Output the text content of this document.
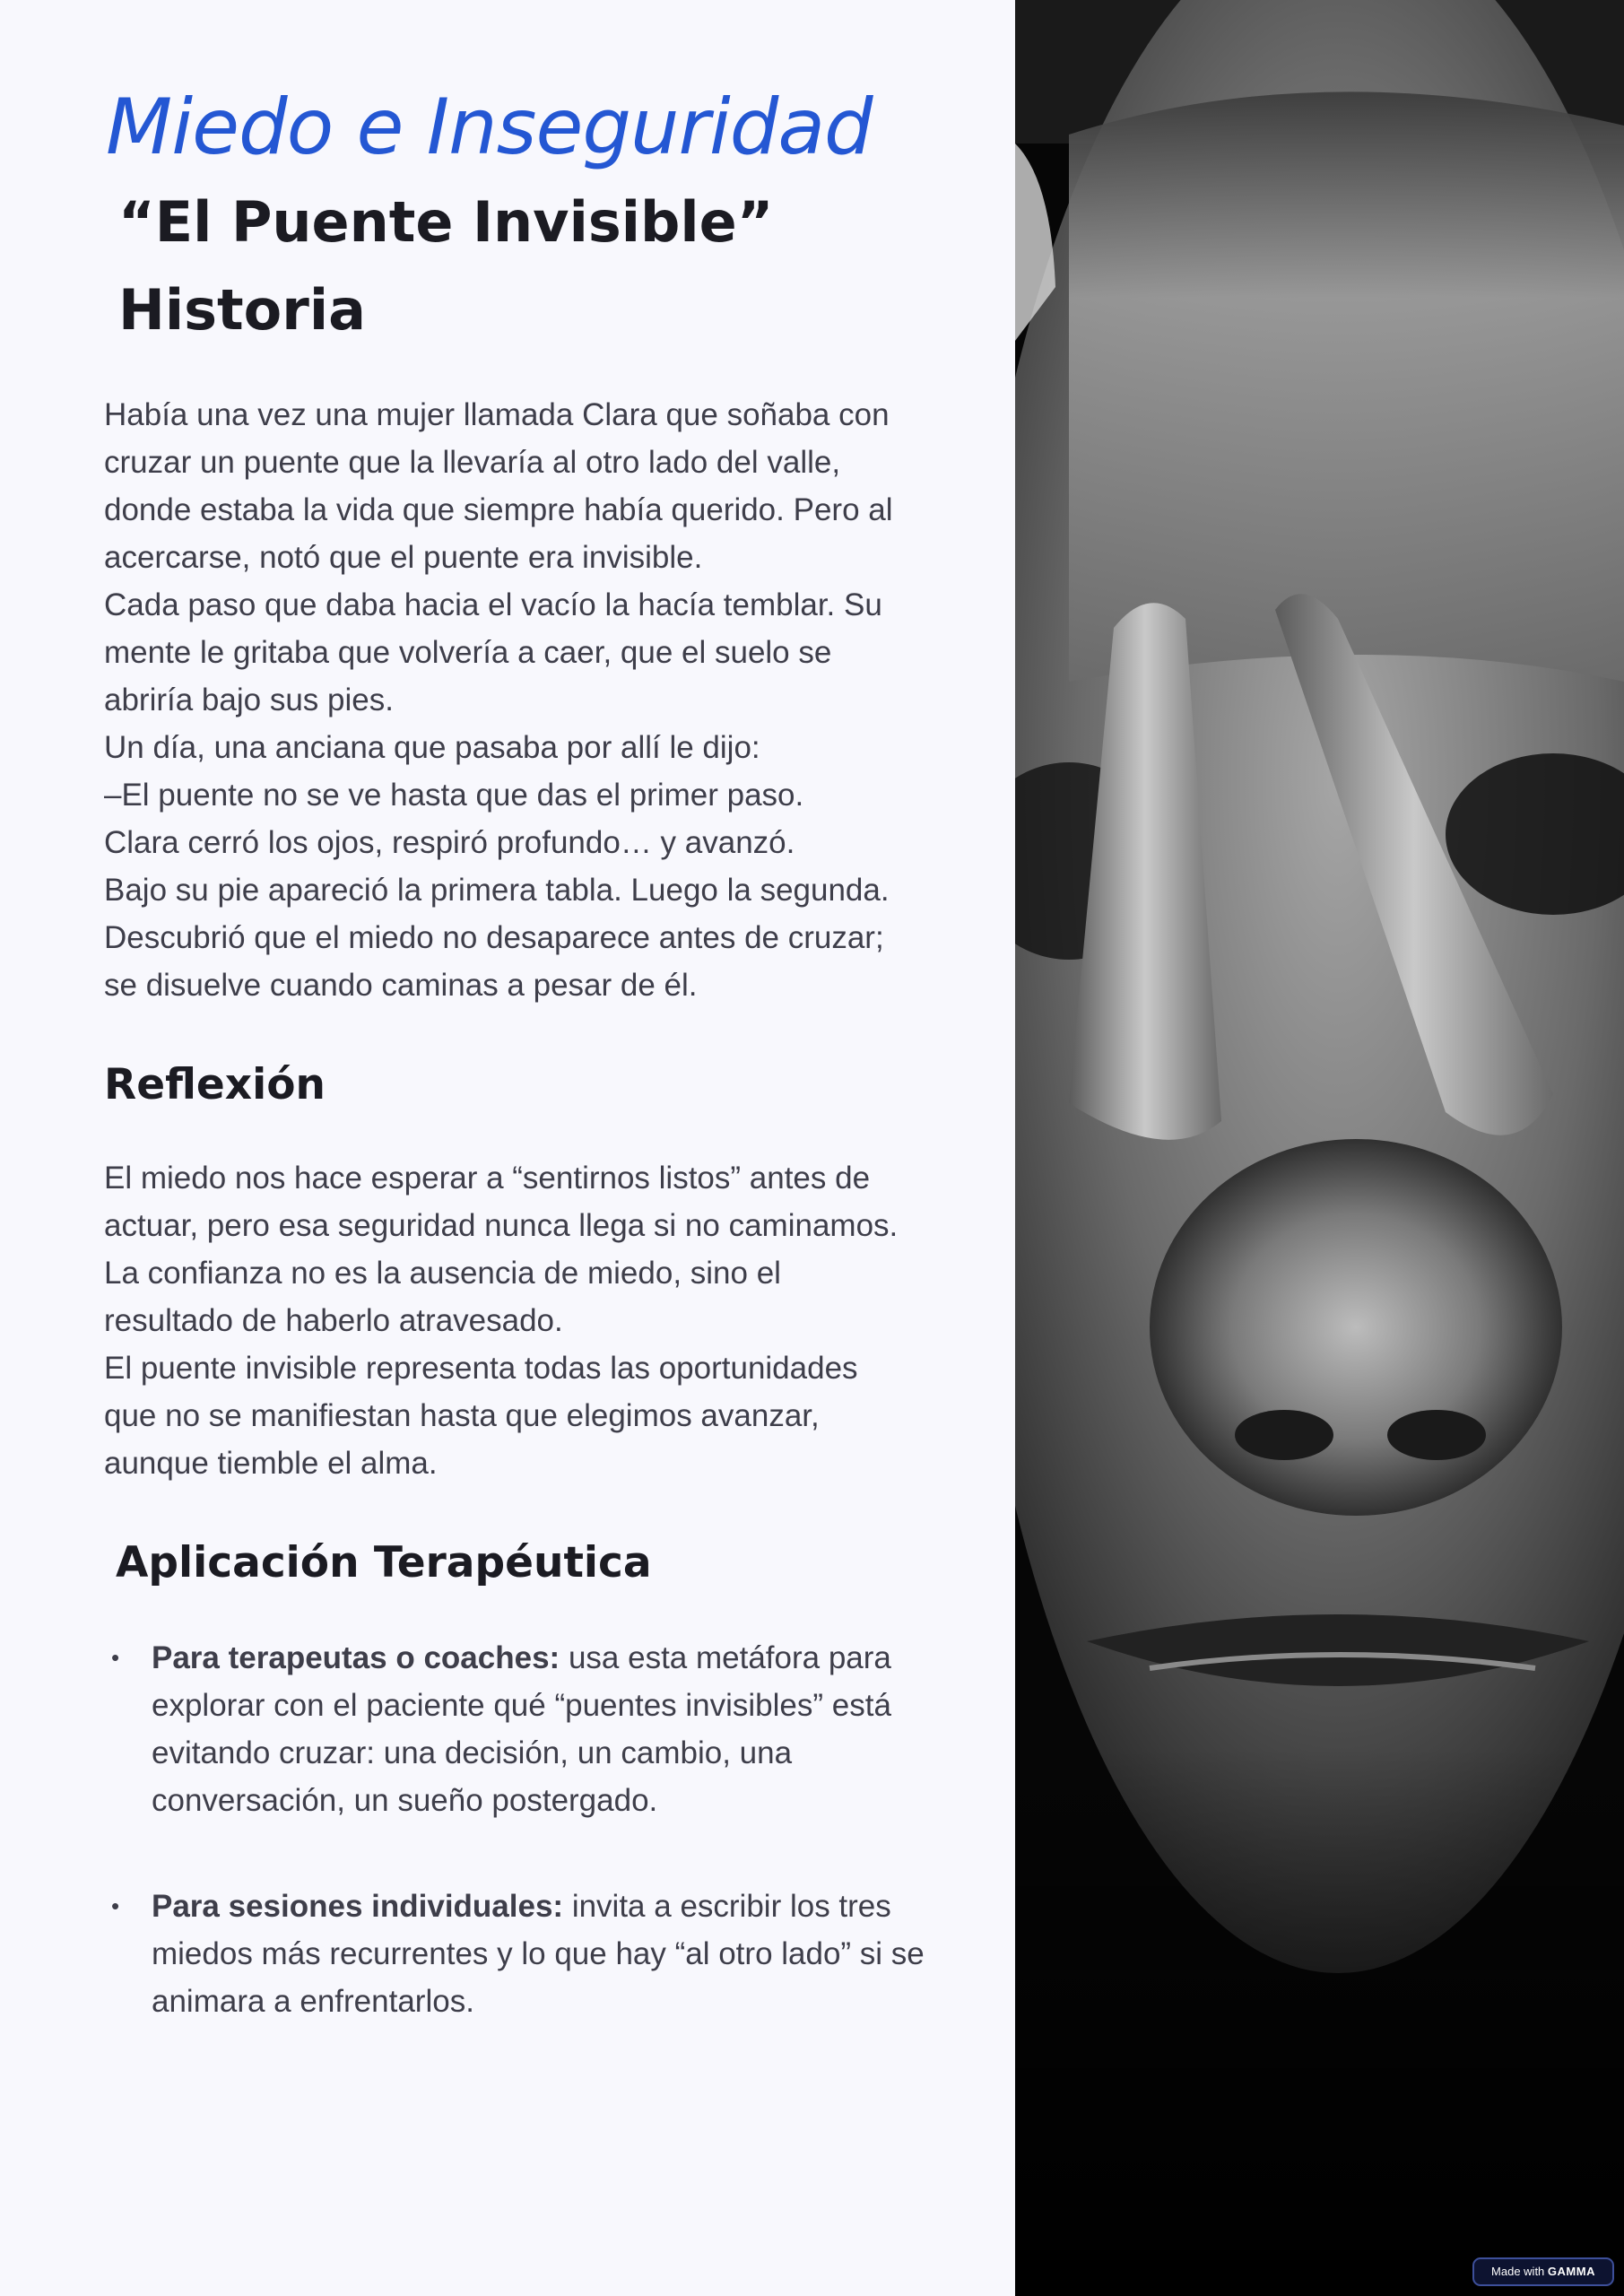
Miedo e Inseguridad
“El Puente Invisible”
Historia
Había una vez una mujer llamada Clara que soñaba con
cruzar un puente que la llevaría al otro lado del valle,
donde estaba la vida que siempre había querido. Pero al
acercarse, notó que el puente era invisible.
Cada paso que daba hacia el vacío la hacía temblar. Su
mente le gritaba que volvería a caer, que el suelo se
abriría bajo sus pies.
Un día, una anciana que pasaba por allí le dijo:
–El puente no se ve hasta que das el primer paso.
Clara cerró los ojos, respiró profundo… y avanzó.
Bajo su pie apareció la primera tabla. Luego la segunda.
Descubrió que el miedo no desaparece antes de cruzar;
se disuelve cuando caminas a pesar de él.
Reflexión
El miedo nos hace esperar a “sentirnos listos” antes de
actuar, pero esa seguridad nunca llega si no caminamos.
La confianza no es la ausencia de miedo, sino el
resultado de haberlo atravesado.
El puente invisible representa todas las oportunidades
que no se manifiestan hasta que elegimos avanzar,
aunque tiemble el alma.
Aplicación Terapéutica
• Para terapeutas o coaches: usa esta metáfora para explorar con el paciente qué “puentes invisibles” está evitando cruzar: una decisión, un cambio, una conversación, un sueño postergado.
• Para sesiones individuales: invita a escribir los tres miedos más recurrentes y lo que hay “al otro lado” si se animara a enfrentarlos.
Made with GAMMA
